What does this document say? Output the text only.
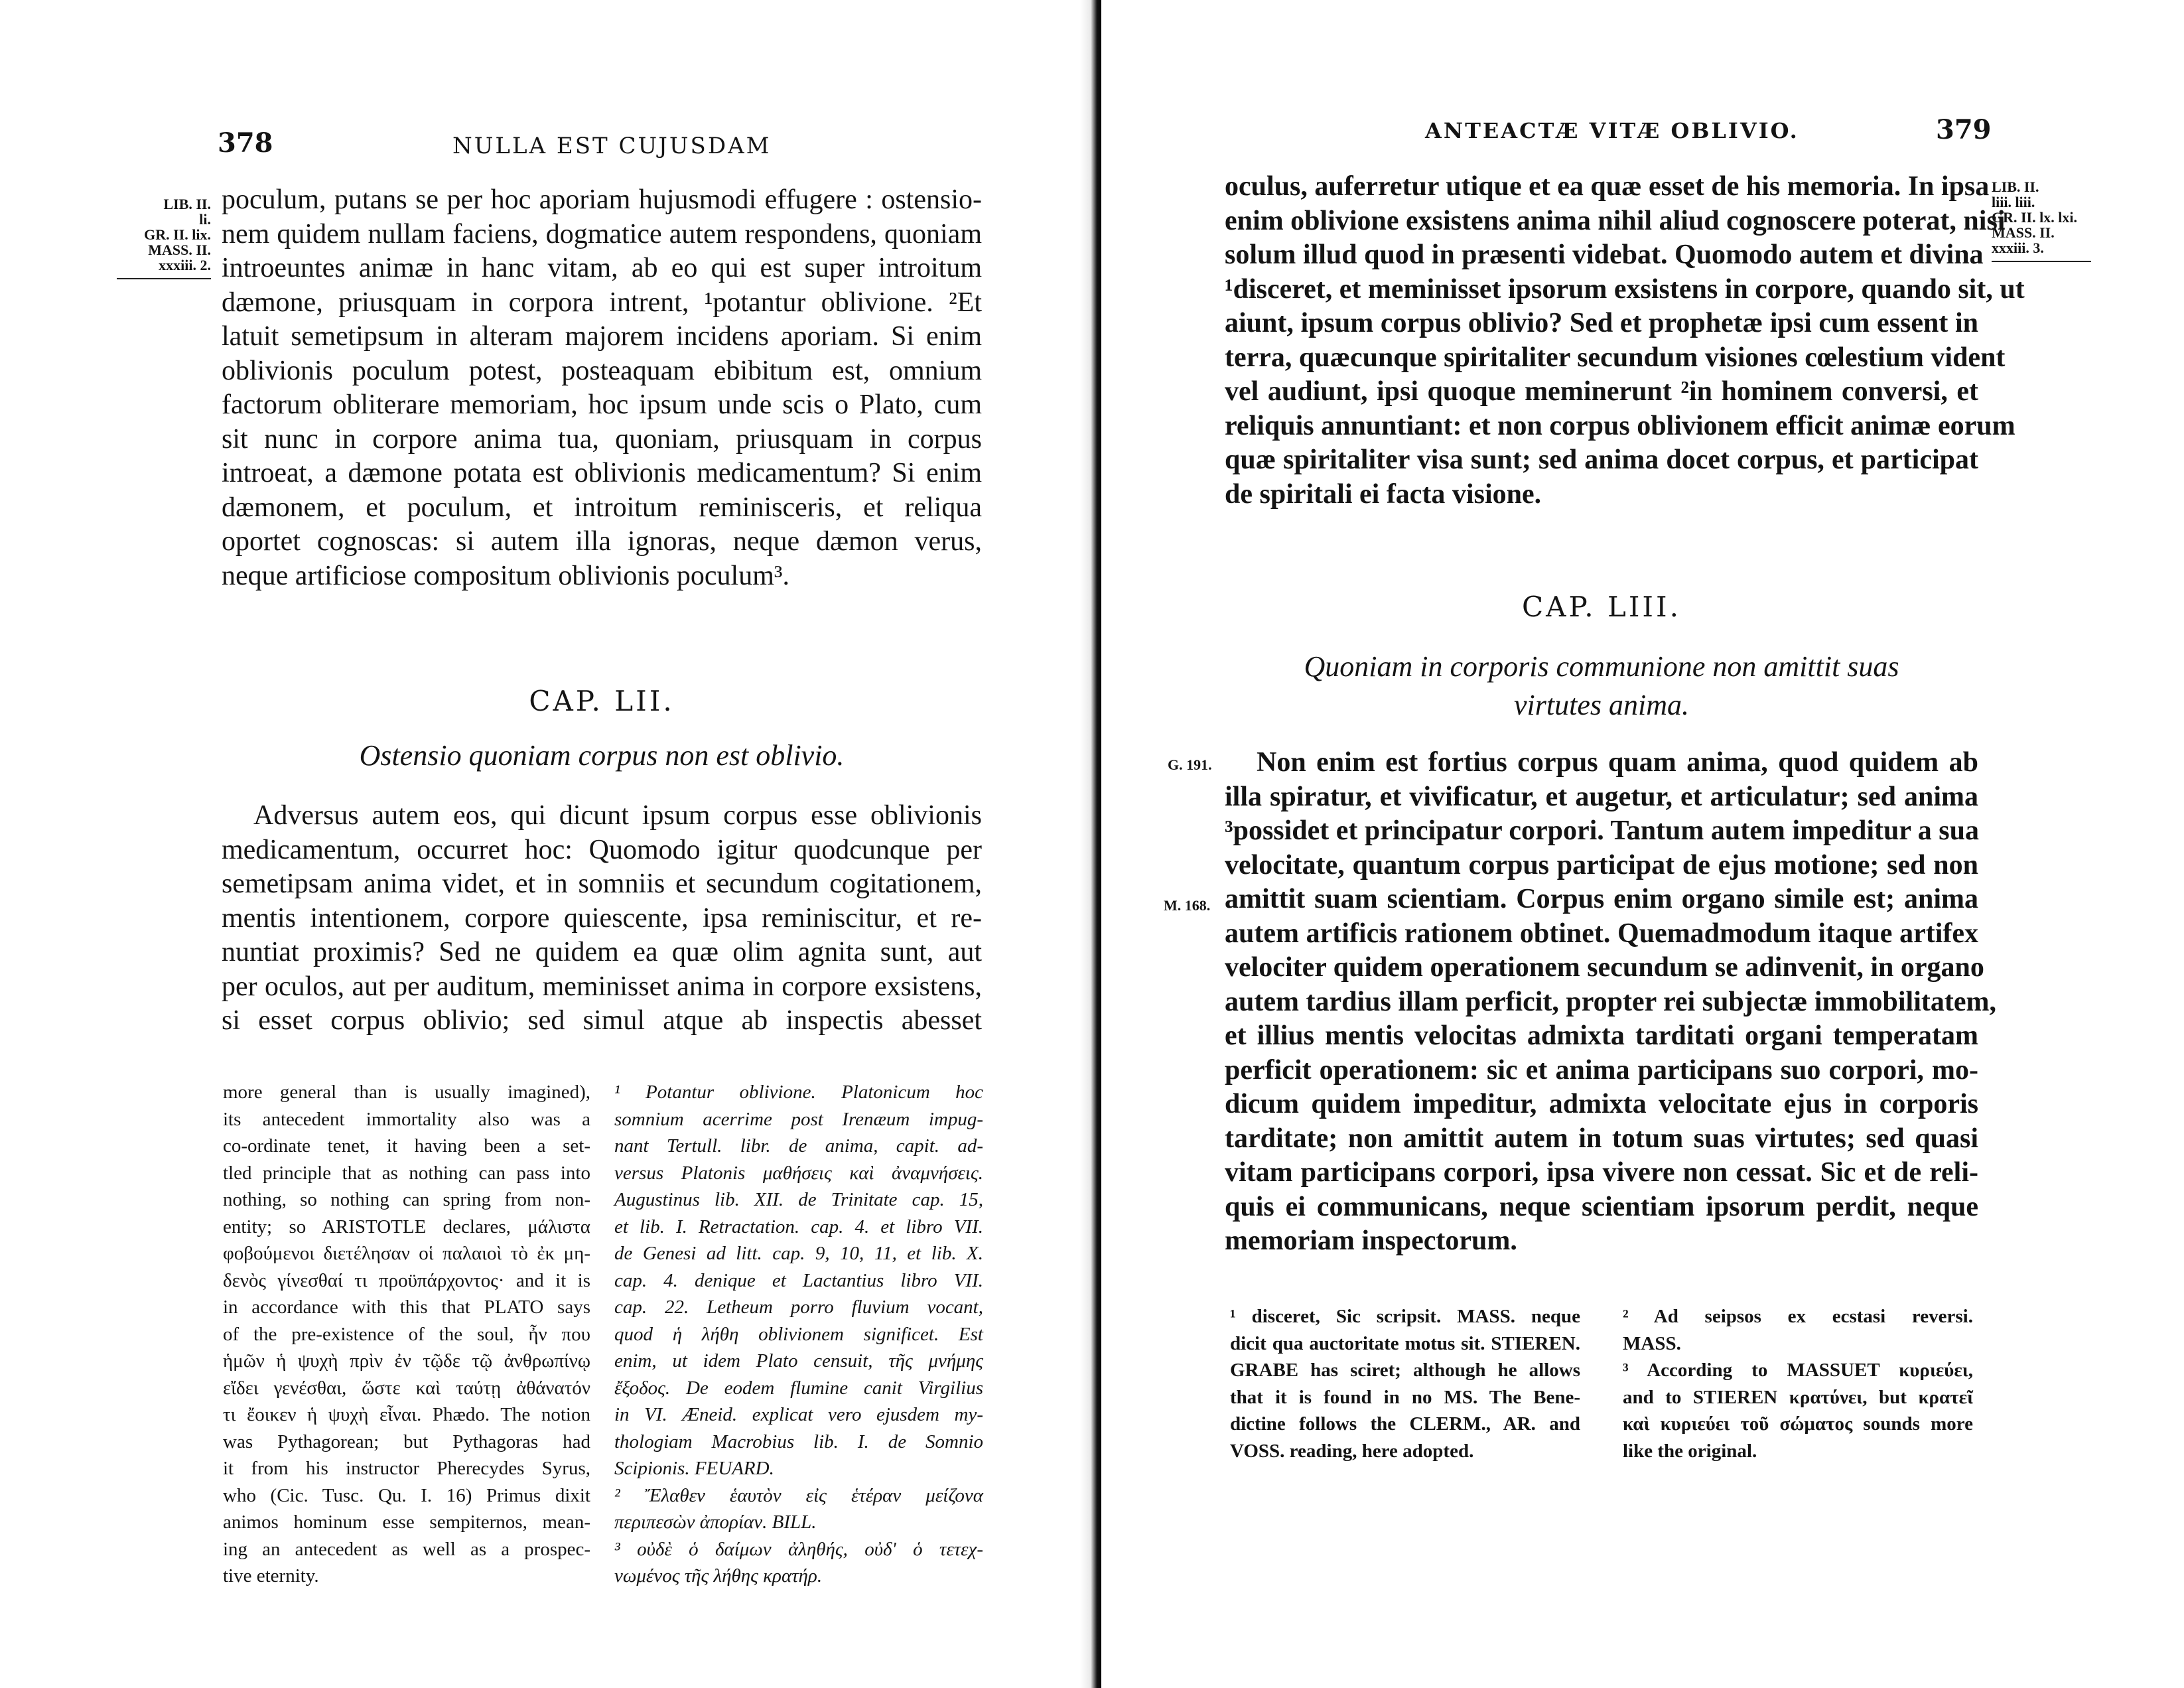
378	NULLA EST CUJUSDAM
LIB. II.
li.
GR. II. lix.
MASS. II.
xxxiii. 2.
poculum, putans se per hoc aporiam hujusmodi effugere : ostensio-
nem quidem nullam faciens, dogmatice autem respondens, quoniam
introeuntes animæ in hanc vitam, ab eo qui est super introitum
dæmone, priusquam in corpora intrent, ¹potantur oblivione. ²Et
latuit semetipsum in alteram majorem incidens aporiam. Si enim
oblivionis poculum potest, posteaquam ebibitum est, omnium
factorum obliterare memoriam, hoc ipsum unde scis o Plato, cum
sit nunc in corpore anima tua, quoniam, priusquam in corpus
introeat, a dæmone potata est oblivionis medicamentum? Si enim
dæmonem, et poculum, et introitum reminisceris, et reliqua
oportet cognoscas: si autem illa ignoras, neque dæmon verus,
neque artificiose compositum oblivionis poculum³.
CAP. LII.
Ostensio quoniam corpus non est oblivio.
Adversus autem eos, qui dicunt ipsum corpus esse oblivionis
medicamentum, occurret hoc: Quomodo igitur quodcunque per
semetipsam anima videt, et in somniis et secundum cogitationem,
mentis intentionem, corpore quiescente, ipsa reminiscitur, et re-
nuntiat proximis? Sed ne quidem ea quæ olim agnita sunt, aut
per oculos, aut per auditum, meminisset anima in corpore exsistens,
si esset corpus oblivio; sed simul atque ab inspectis abesset
more general than is usually imagined),
its antecedent immortality also was a
co-ordinate tenet, it having been a set-
tled principle that as nothing can pass into
nothing, so nothing can spring from non-
entity; so ARISTOTLE declares, μάλιστα
φοβούμενοι διετέλησαν οἱ παλαιοὶ τὸ ἐκ μη-
δενὸς γίνεσθαί τι προϋπάρχοντος· and it is
in accordance with this that PLATO says
of the pre-existence of the soul, ἦν που
ἡμῶν ἡ ψυχὴ πρὶν ἐν τῷδε τῷ ἀνθρωπίνῳ
εἴδει γενέσθαι, ὥστε καὶ ταύτῃ ἀθάνατόν
τι ἔοικεν ἡ ψυχὴ εἶναι. Phædo. The notion
was Pythagorean; but Pythagoras had
it from his instructor Pherecydes Syrus,
who (Cic. Tusc. Qu. I. 16) Primus dixit
animos hominum esse sempiternos, mean-
ing an antecedent as well as a prospec-
tive eternity.
¹ Potantur oblivione. Platonicum hoc
somnium acerrime post Irenæum impug-
nant Tertull. libr. de anima, capit. ad-
versus Platonis μαθήσεις καὶ ἀναμνήσεις.
Augustinus lib. XII. de Trinitate cap. 15,
et lib. I. Retractation. cap. 4. et libro VII.
de Genesi ad litt. cap. 9, 10, 11, et lib. X.
cap. 4. denique et Lactantius libro VII.
cap. 22. Letheum porro fluvium vocant,
quod ἡ λήθη oblivionem significet. Est
enim, ut idem Plato censuit, τῆς μνήμης
ἔξοδος. De eodem flumine canit Virgilius
in VI. Æneid. explicat vero ejusdem my-
thologiam Macrobius lib. I. de Somnio
Scipionis. FEUARD.
² Ἔλαθεν ἑαυτὸν εἰς ἑτέραν μείζονα
περιπεσὼν ἀπορίαν. BILL.
³ οὐδὲ ὁ δαίμων ἀληθής, οὐδ' ὁ τετεχ-
νωμένος τῆς λήθης κρατήρ.
ANTEACTÆ VITÆ OBLIVIO.	379
LIB. II.
liii. liii.
GR. II. lx. lxi.
MASS. II.
xxxiii. 3.
oculus, auferretur utique et ea quæ esset de his memoria. In ipsa
enim oblivione exsistens anima nihil aliud cognoscere poterat, nisi
solum illud quod in præsenti videbat. Quomodo autem et divina
¹disceret, et meminisset ipsorum exsistens in corpore, quando sit, ut
aiunt, ipsum corpus oblivio? Sed et prophetæ ipsi cum essent in
terra, quæcunque spiritaliter secundum visiones cœlestium vident
vel audiunt, ipsi quoque meminerunt ²in hominem conversi, et
reliquis annuntiant: et non corpus oblivionem efficit animæ eorum
quæ spiritaliter visa sunt; sed anima docet corpus, et participat
de spiritali ei facta visione.
CAP. LIII.
Quoniam in corporis communione non amittit suas
virtutes anima.
G. 191.
M. 168.
Non enim est fortius corpus quam anima, quod quidem ab
illa spiratur, et vivificatur, et augetur, et articulatur; sed anima
³possidet et principatur corpori. Tantum autem impeditur a sua
velocitate, quantum corpus participat de ejus motione; sed non
amittit suam scientiam. Corpus enim organo simile est; anima
autem artificis rationem obtinet. Quemadmodum itaque artifex
velociter quidem operationem secundum se adinvenit, in organo
autem tardius illam perficit, propter rei subjectæ immobilitatem,
et illius mentis velocitas admixta tarditati organi temperatam
perficit operationem: sic et anima participans suo corpori, mo-
dicum quidem impeditur, admixta velocitate ejus in corporis
tarditate; non amittit autem in totum suas virtutes; sed quasi
vitam participans corpori, ipsa vivere non cessat. Sic et de reli-
quis ei communicans, neque scientiam ipsorum perdit, neque
memoriam inspectorum.
¹ disceret, Sic scripsit. MASS. neque
dicit qua auctoritate motus sit. STIEREN.
GRABE has sciret; although he allows
that it is found in no MS. The Bene-
dictine follows the CLERM., AR. and
VOSS. reading, here adopted.
² Ad seipsos ex ecstasi reversi.
MASS.
³ According to MASSUET κυριεύει,
and to STIEREN κρατύνει, but κρατεῖ
καὶ κυριεύει τοῦ σώματος sounds more
like the original.
